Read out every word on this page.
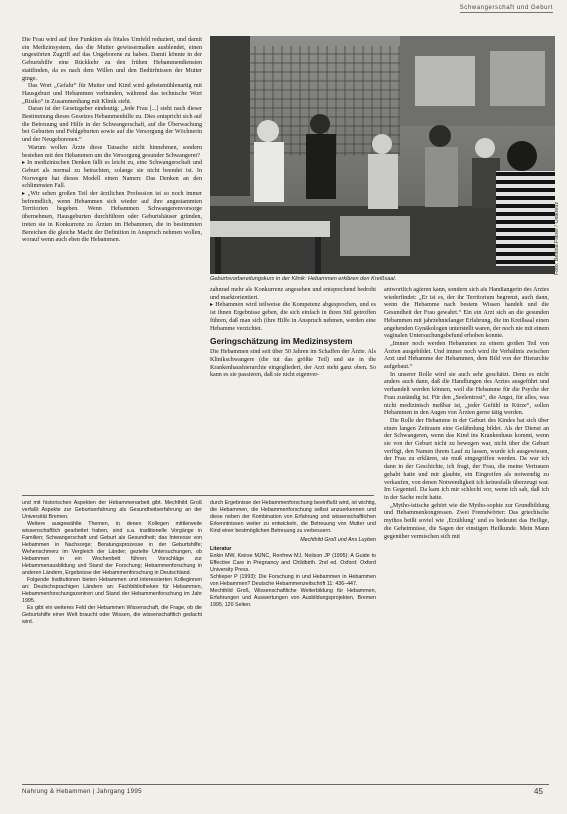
Schwangerschaft und Geburt

Die Frau wird auf ihre Funktion als fötales Umfeld reduziert, und damit ein Medizinsystem, das die Mutter gewissermaßen ausblendet, einen ungestörten Zugriff auf das Ungeborene zu haben. Damit könnte in der Geburtshilfe eine Rückkehr zu den frühen Hebammendiensten stattfinden, da es nach dem Willen und den Bedürfnissen der Mutter ginge.

Das Wort „Gefahr“ für Mutter und Kind wird gebetsmühlenartig mit Hausgeburt und Hebammen verbunden, während das technische Wort „Risiko“ in Zusammenhang mit Klinik steht.

Daran ist der Gesetzgeber eindeutig: „Jede Frau [...] steht nach dieser Bestimmung dieses Gesetzes Hebammenhilfe zu. Dies entspricht sich auf die Betreuung und Hilfe in der Schwangerschaft, auf die Überwachung bei Geburten und Fehlgeburten sowie auf die Versorgung der Wöchnerin und der Neugeborenen.“

Warum wollen Ärzte diese Tatsache nicht hinnehmen, sondern bestehen mit den Hebammen um die Versorgung gesunder Schwangerer?

▸ In medizinischen Denken fällt es leicht zu, eine Schwangerschaft und Geburt als normal zu betrachten, solange sie nicht beendet ist. In Norwegen hat dieses Modell einen Namen: Das Denken an den schlimmsten Fall.

▸ „Wir sehen großen Teil der ärztlichen Profession ist so noch immer befremdlich, wenn Hebammen sich wieder auf ihre angestammten Territorien begeben. Wenn Hebammen Schwangerenvorsorge übernehmen, Hausgeburten durchführen oder Geburtshäuser gründen, treten sie in Konkurrenz zu Ärzten im Hebammen, die in bestimmten Bereichen die gleiche Macht der Definition in Anspruch nehmen wollen, worauf wenn auch eben die Hebammen.

Geburtsvorbereitungskurs in der Klinik: Hebammen erklären den Kreißsaal.
Foto: Bettina Flitner / Ostkreuz

zahnrad mehr als Konkurrenz angesehen und entsprechend bedroht und marktorientiert.

▸ Hebammen wird teilweise die Kompetenz abgesprochen, und es ist ihnen Ergebnisse geben, die sich einfach in ihren Stil getroffen führen, daß man sich (ihre Hilfe in Anspruch nehmen, werden eine Hebamme verzichtet.

Geringschätzung im Medizinsystem

Die Hebammen sind seit über 50 Jahren im Schaffen der Ärzte. Als Klinikschwangere (die tut das größte Teil) und sie in die Krankenhaushierarchie eingegliedert, der Arzt steht ganz oben. So kann es sie passieren, daß sie nicht eigenver-

antwortlich agieren kann, sondern sich als Handlangerin des Arztes wiederfindet: „Er ist es, der ihr Territorium begrenzt, auch dann, wenn die Hebamme nach bestem Wissen handelt und die Gesundheit der Frau gewahrt.“ Ein ein Arzt sich an die gesunden Hebammen mit jahrzehntelanger Erfahrung, die im Kreißsaal einen angehenden Gynäkologen unterstellt waren, der noch nie mit einem vaginalen Untersuchungsbefund erhoben konnte.

„Immer noch werden Hebammen zu einem großen Teil von Ärzten ausgebildet. Und immer noch wird ihr Verhältnis zwischen Arzt und Hebamme der Hebammen, dem Bild von der Hierarchie aufgebaut.“

In unserer Rolle wird sie auch sehr geschätzt. Denn es nicht anders auch dann, daß die Handlungen des Arztes ausgeführt und verhandelt werden können, weil die Hebamme für die Psyche der Frau zuständig ist. Für den „Seelentrost“, die Angst, für alles, was nicht medizinisch meßbar ist, „jeder Gefühl in Kürze“, sollen Hebammen in den Augen von Ärzten gerne tätig werden.

Die Rolle der Hebamme in der Geburt des Kindes hat sich über einen langen Zeitraum eine Gefährdung bildet. Als der Dienst an der Schwangeren, wenn das Kind ins Krankenhaus kommt, wenn sie von der Geburt nicht zu bewegen war, nicht über die Geburt verfügt, den Namen ihrem Lauf zu lassen, wurde ich ausgewiesen, der Frau zu erklären, sie muß eingegriffen werden. Da war ich dann in der Geschichte, ich fragt, der Frau, die meine Vertrauen gehabt hatte und mir glaubte, ein Eingreifen als notwendig zu verkaufen, von denen Notwendigkeit ich keinesfalls überzeugt war. Im Gegenteil. Da kam ich mir schlecht vor, wenn ich sah, daß ich in der Sache recht hatte.

„Mytho-istische gehört wie die Mytho-sophie zur Grundbildung und Hebammenkongressen. Zwei Fremdwörter: Das griechische mythos heißt soviel wie ‚Erzählung‘ und es bedeutet das Heilige, die Geheimnisse, die Sagen der einstigen Heilkunde. Mein Mann gegenüber vermischen sich mit

und mit historischen Aspekten der Hebammenarbeit gibt. Mechthild Groß verfaßt Aspekte zur Geburtserfahrung als Gesundheitserfahrung an der Universität Bremen.

Weitere ausgewählte Themen, in denen Kollegen mittlerweile wissenschaftlich gearbeitet haben, sind u.a. traditionelle Vorgänge in Familien; Schwangerschaft und Geburt als Gesundheit; das Interesse von Hebammen in Nachsorge; Beratungsprozesse in der Geburtshilfe; Wehenschmerz im Vergleich der Länder; gezielte Untersuchungen, ob Hebammen in ein Wochenbett führen; Vorschläge zur Hebammenausbildung und Stand der Forschung; Hebammenforschung in anderen Ländern, Ergebnisse der Hebammenforschung in Deutschland.

Folgende Institutionen bieten Hebammen und interessierten Kolleginnen an: Deutschsprachigen Ländern an: Fachbibliotheken für Hebammen, Hebammenforschungszentren und Stand der Hebammenforschung im Jahr 1995.

Es gibt ein weiteres Feld der Hebammen Wissenschaft, die Frage, ob die Geburtshilfe einer Welt braucht oder Wissen, die wissenschaftlich gedacht wird.

durch Ergebnisse der Hebammenforschung beeinflußt wird, ist wichtig, die Hebammen, die Hebammenforschung selbst anzuerkennen und diese neben der Kombination von Erfahrung und wissenschaftlichen Erkenntnissen weiter zu entwickeln, die Betreuung von Mutter und Kind einer bestmöglichen Betreuung zu verbessern.

Mechthild Groß und Ans Luyben
Literatur

Enkin MW, Keirse MJNC, Renfrew MJ, Neilson JP (1995): A Guide to Effective Care in Pregnancy and Childbirth. 2nd ed. Oxford: Oxford University Press.

Schlieper P (1993): Die Forschung in und Hebammen in Hebammen von Hebammen? Deutsche Hebammenzeitschrift 11: 436–447.

Mechthild Groß, Wissenschaftliche Weiterbildung für Hebammen, Erfahrungen und Auswertungen von Ausbildungsprojekten, Bremen 1995, 120 Seiten.

Nahrung & Hebammen | Jahrgang 1995	45
